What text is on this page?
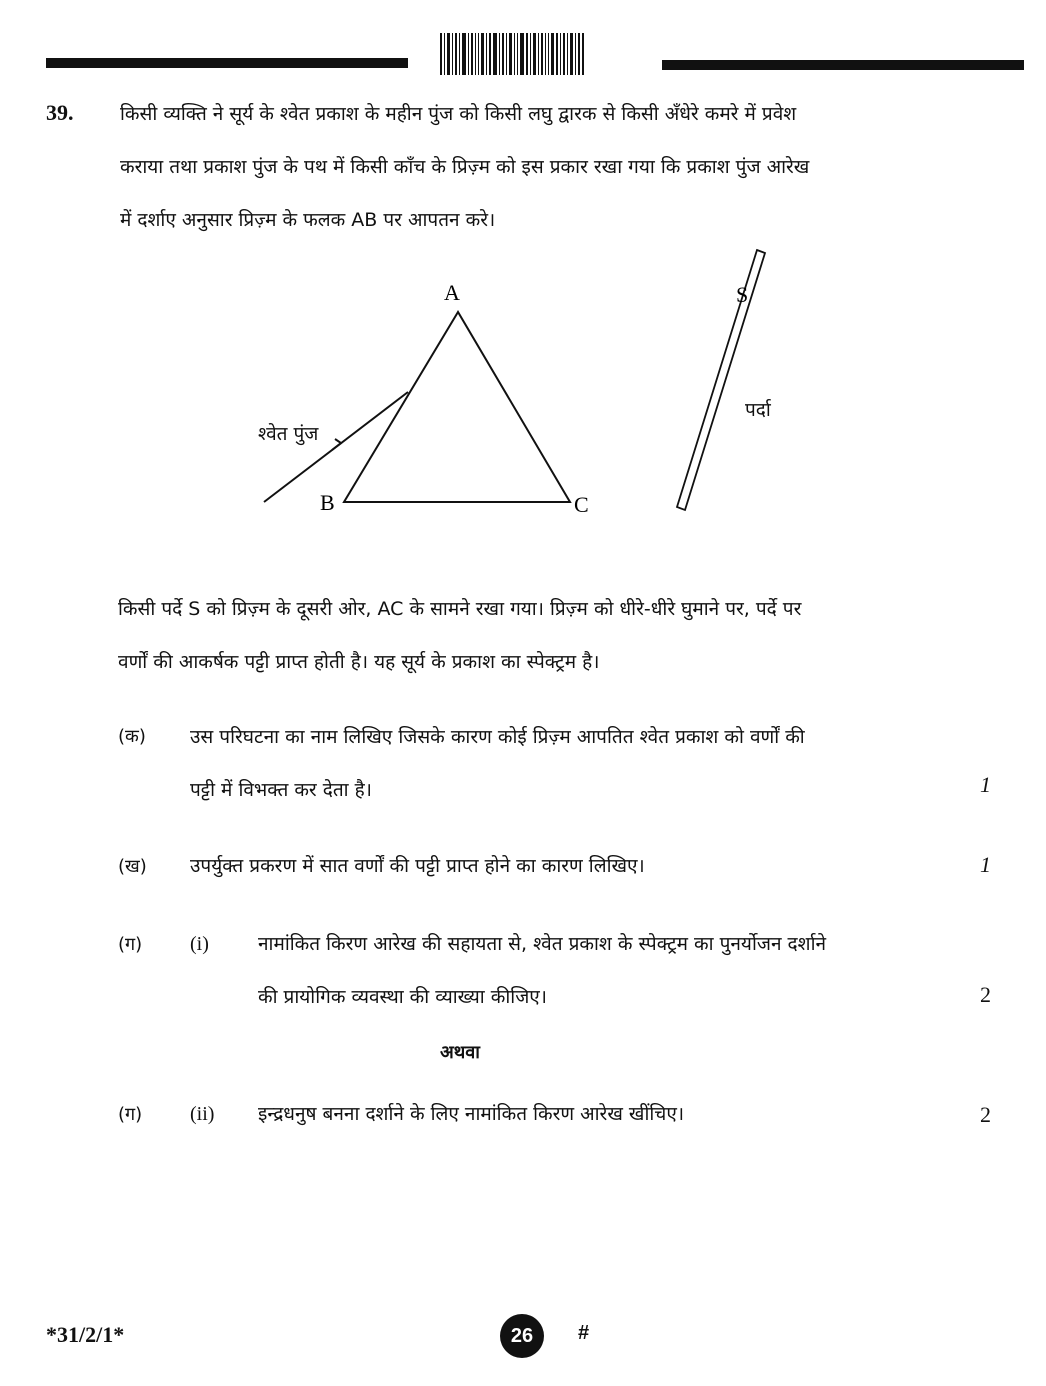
39. किसी व्यक्ति ने सूर्य के श्वेत प्रकाश के महीन पुंज को किसी लघु द्वारक से किसी अँधेरे कमरे में प्रवेश
कराया तथा प्रकाश पुंज के पथ में किसी काँच के प्रिज़्म को इस प्रकार रखा गया कि प्रकाश पुंज आरेख
में दर्शाए अनुसार प्रिज़्म के फलक AB पर आपतन करे।
A
B	C
S
श्वेत पुंज
पर्दा
किसी पर्दे S को प्रिज़्म के दूसरी ओर, AC के सामने रखा गया। प्रिज़्म को धीरे-धीरे घुमाने पर, पर्दे पर
वर्णों की आकर्षक पट्टी प्राप्त होती है। यह सूर्य के प्रकाश का स्पेक्ट्रम है।
(क) उस परिघटना का नाम लिखिए जिसके कारण कोई प्रिज़्म आपतित श्वेत प्रकाश को वर्णों की
पट्टी में विभक्त कर देता है।	1
(ख) उपर्युक्त प्रकरण में सात वर्णों की पट्टी प्राप्त होने का कारण लिखिए।	1
(ग) (i)	नामांकित किरण आरेख की सहायता से, श्वेत प्रकाश के स्पेक्ट्रम का पुनर्योजन दर्शाने
की प्रायोगिक व्यवस्था की व्याख्या कीजिए।	2
अथवा
(ग) (ii) इन्द्रधनुष बनना दर्शाने के लिए नामांकित किरण आरेख खींचिए।	2
*31/2/1*	26 #
